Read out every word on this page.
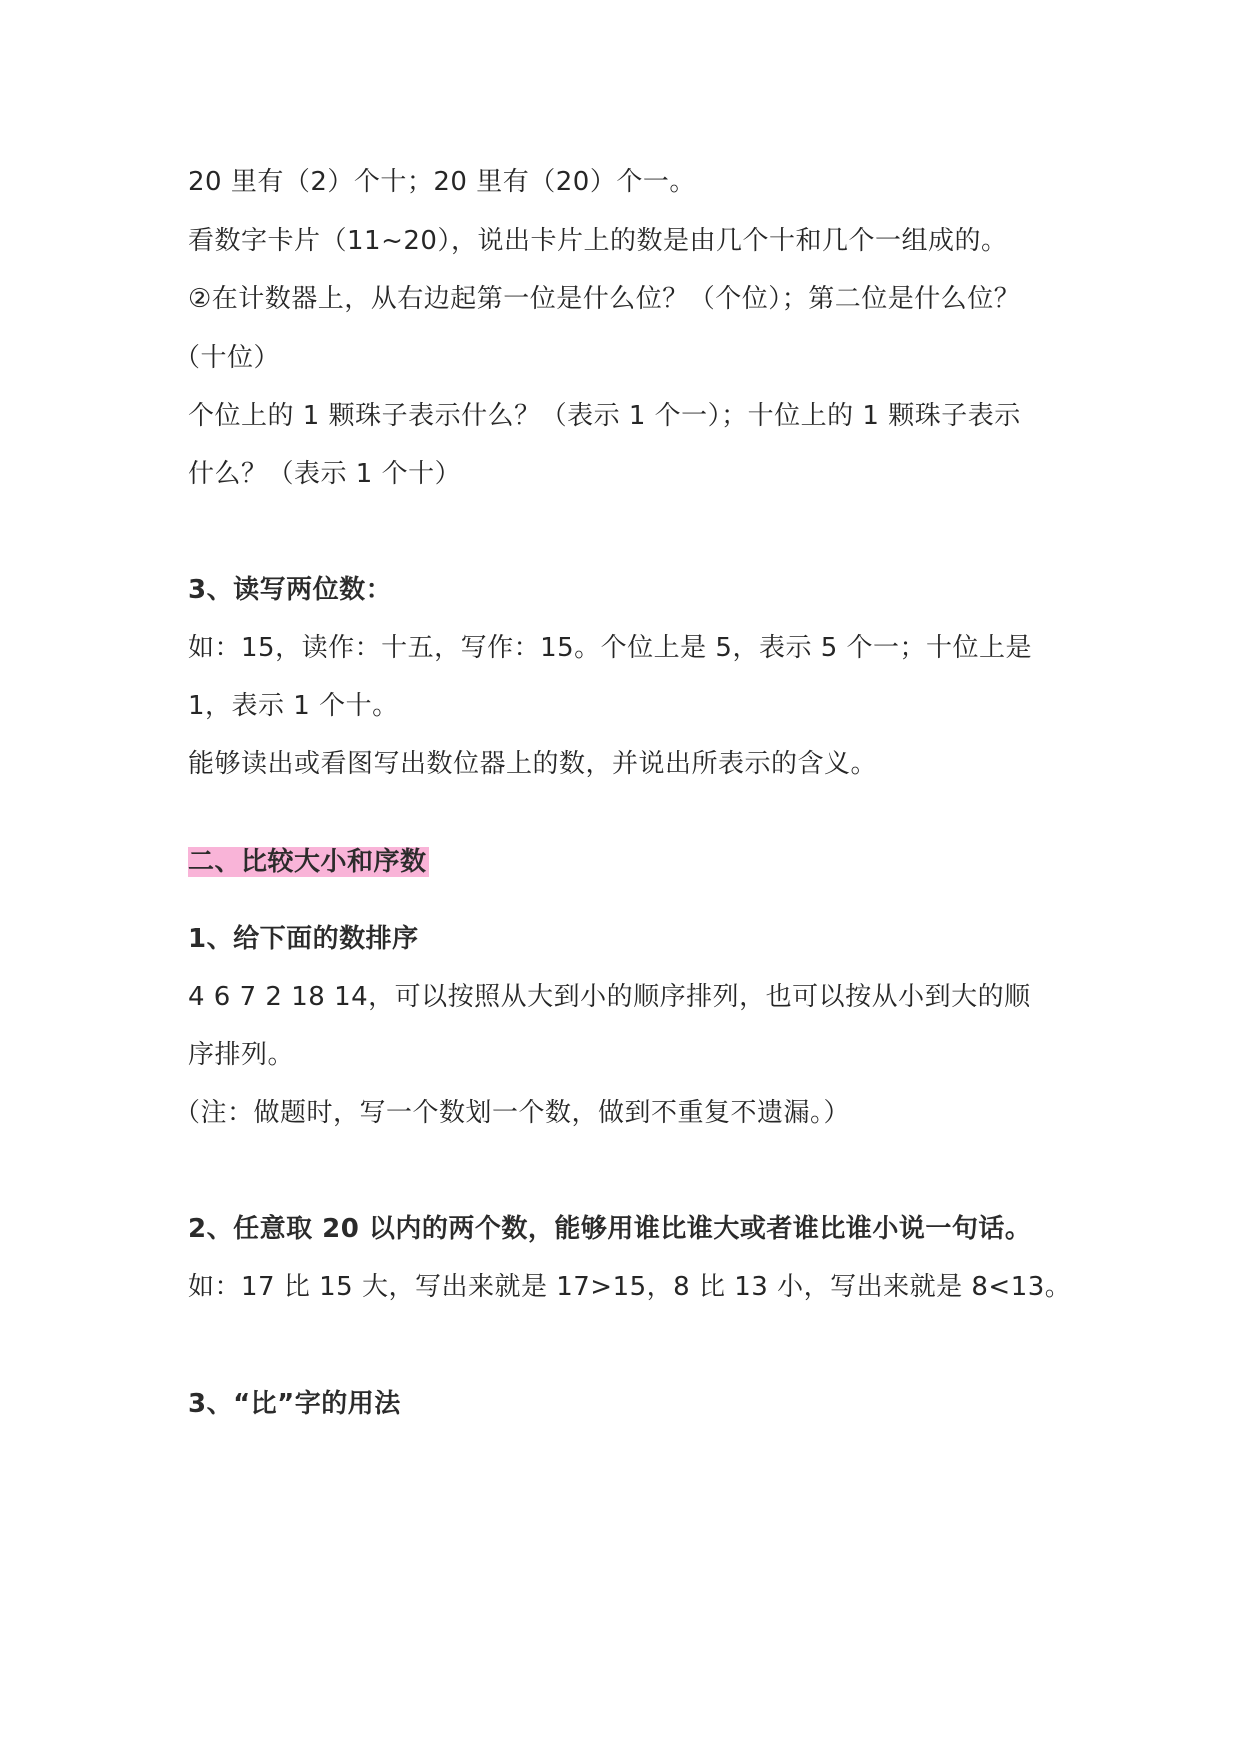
20 里有（2）个十；20 里有（20）个一。
看数字卡片（11~20），说出卡片上的数是由几个十和几个一组成的。
②在计数器上，从右边起第一位是什么位？（个位）；第二位是什么位？
（十位）
个位上的 1 颗珠子表示什么？（表示 1 个一）；十位上的 1 颗珠子表示
什么？（表示 1 个十）
3、读写两位数：
如：15，读作：十五，写作：15。个位上是 5，表示 5 个一；十位上是
1，表示 1 个十。
能够读出或看图写出数位器上的数，并说出所表示的含义。
二、比较大小和序数
1、给下面的数排序
4 6 7 2 18 14，可以按照从大到小的顺序排列，也可以按从小到大的顺
序排列。
（注：做题时，写一个数划一个数，做到不重复不遗漏。）
2、任意取 20 以内的两个数，能够用谁比谁大或者谁比谁小说一句话。
如：17 比 15 大，写出来就是 17>15，8 比 13 小，写出来就是 8<13。
3、“比”字的用法
